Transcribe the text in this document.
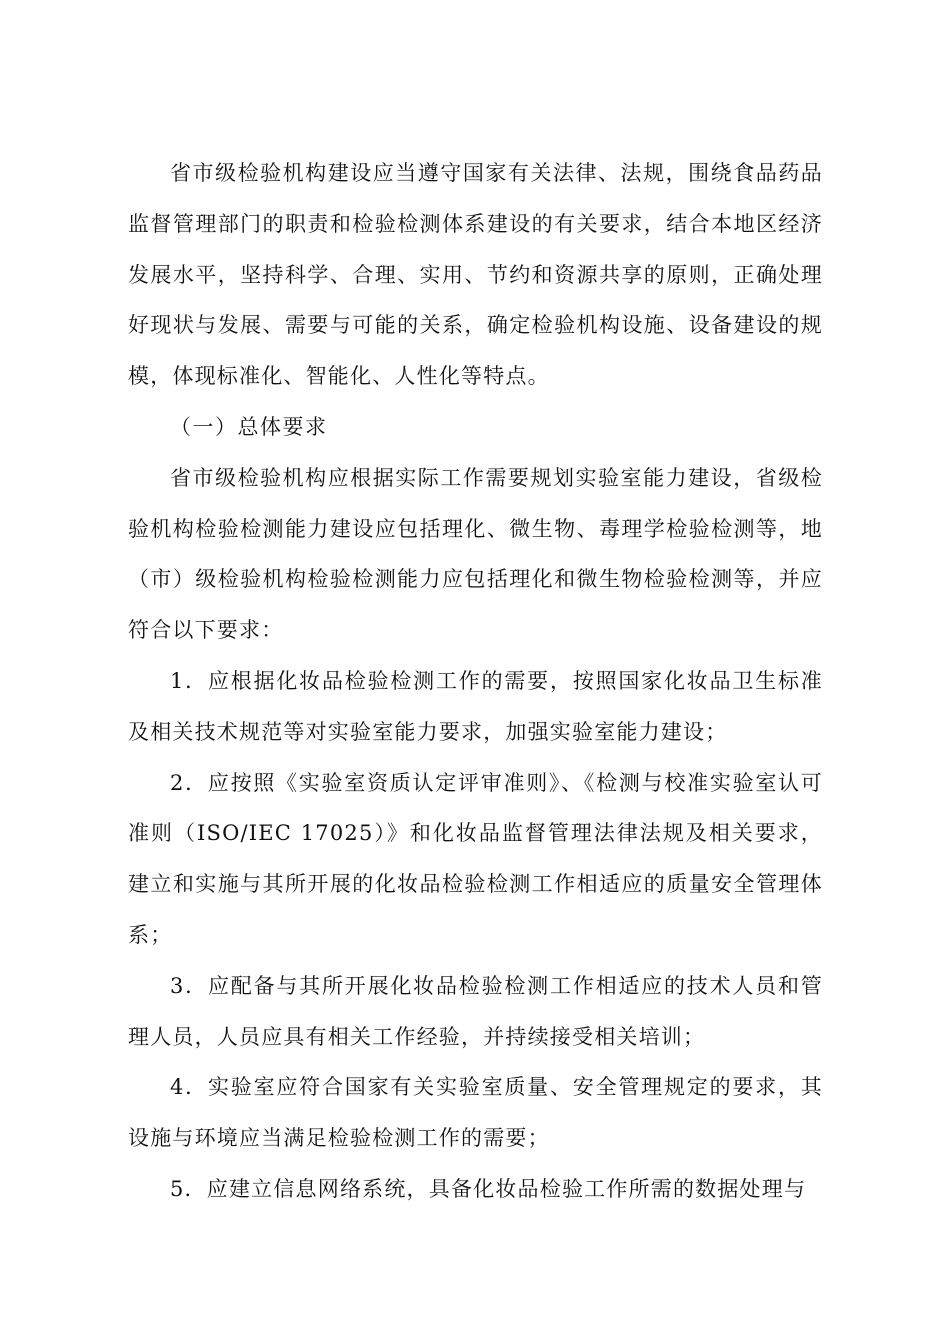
省市级检验机构建设应当遵守国家有关法律、法规，围绕食品药品监督管理部门的职责和检验检测体系建设的有关要求，结合本地区经济发展水平，坚持科学、合理、实用、节约和资源共享的原则，正确处理好现状与发展、需要与可能的关系，确定检验机构设施、设备建设的规模，体现标准化、智能化、人性化等特点。

（一）总体要求

省市级检验机构应根据实际工作需要规划实验室能力建设，省级检验机构检验检测能力建设应包括理化、微生物、毒理学检验检测等，地（市）级检验机构检验检测能力应包括理化和微生物检验检测等，并应符合以下要求：

1．应根据化妆品检验检测工作的需要，按照国家化妆品卫生标准及相关技术规范等对实验室能力要求，加强实验室能力建设；

2．应按照《实验室资质认定评审准则》、《检测与校准实验室认可准则（ISO/IEC 17025）》和化妆品监督管理法律法规及相关要求，建立和实施与其所开展的化妆品检验检测工作相适应的质量安全管理体系；

3．应配备与其所开展化妆品检验检测工作相适应的技术人员和管理人员，人员应具有相关工作经验，并持续接受相关培训；

4．实验室应符合国家有关实验室质量、安全管理规定的要求，其设施与环境应当满足检验检测工作的需要；

5．应建立信息网络系统，具备化妆品检验工作所需的数据处理与
